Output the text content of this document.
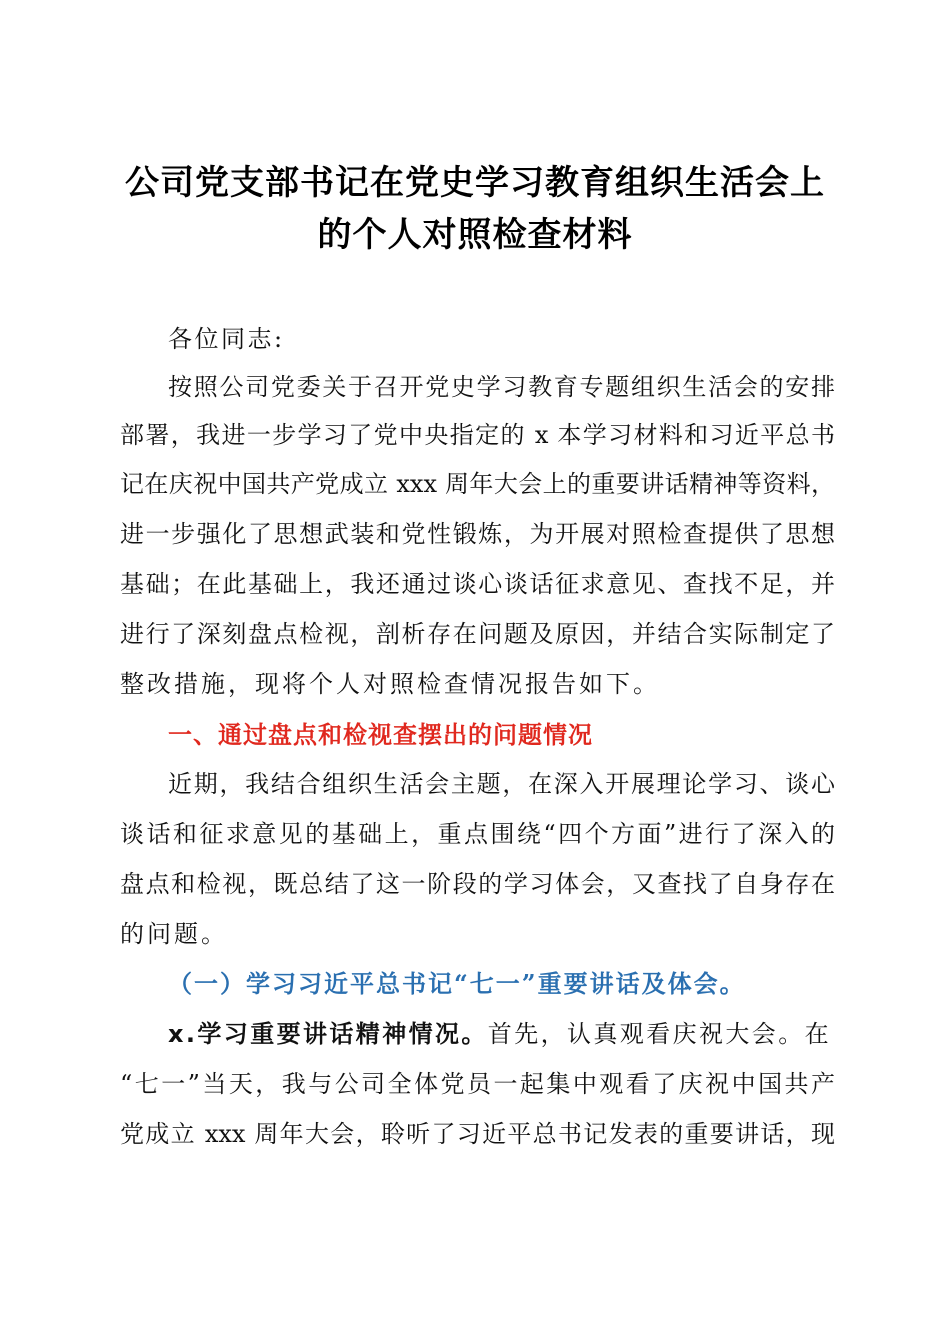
公司党支部书记在党史学习教育组织生活会上
的个人对照检查材料

各位同志:

按照公司党委关于召开党史学习教育专题组织生活会的安排

部署，我进一步学习了党中央指定的 x 本学习材料和习近平总书

记在庆祝中国共产党成立 xxx 周年大会上的重要讲话精神等资料，

进一步强化了思想武装和党性锻炼，为开展对照检查提供了思想

基础；在此基础上，我还通过谈心谈话征求意见、查找不足，并

进行了深刻盘点检视，剖析存在问题及原因，并结合实际制定了

整改措施，现将个人对照检查情况报告如下。

一、通过盘点和检视查摆出的问题情况

近期，我结合组织生活会主题，在深入开展理论学习、谈心

谈话和征求意见的基础上，重点围绕“四个方面”进行了深入的

盘点和检视，既总结了这一阶段的学习体会，又查找了自身存在

的问题。

（一）学习习近平总书记“七一”重要讲话及体会。

x.学习重要讲话精神情况。首先，认真观看庆祝大会。在

“七一”当天，我与公司全体党员一起集中观看了庆祝中国共产

党成立 xxx 周年大会，聆听了习近平总书记发表的重要讲话，现
